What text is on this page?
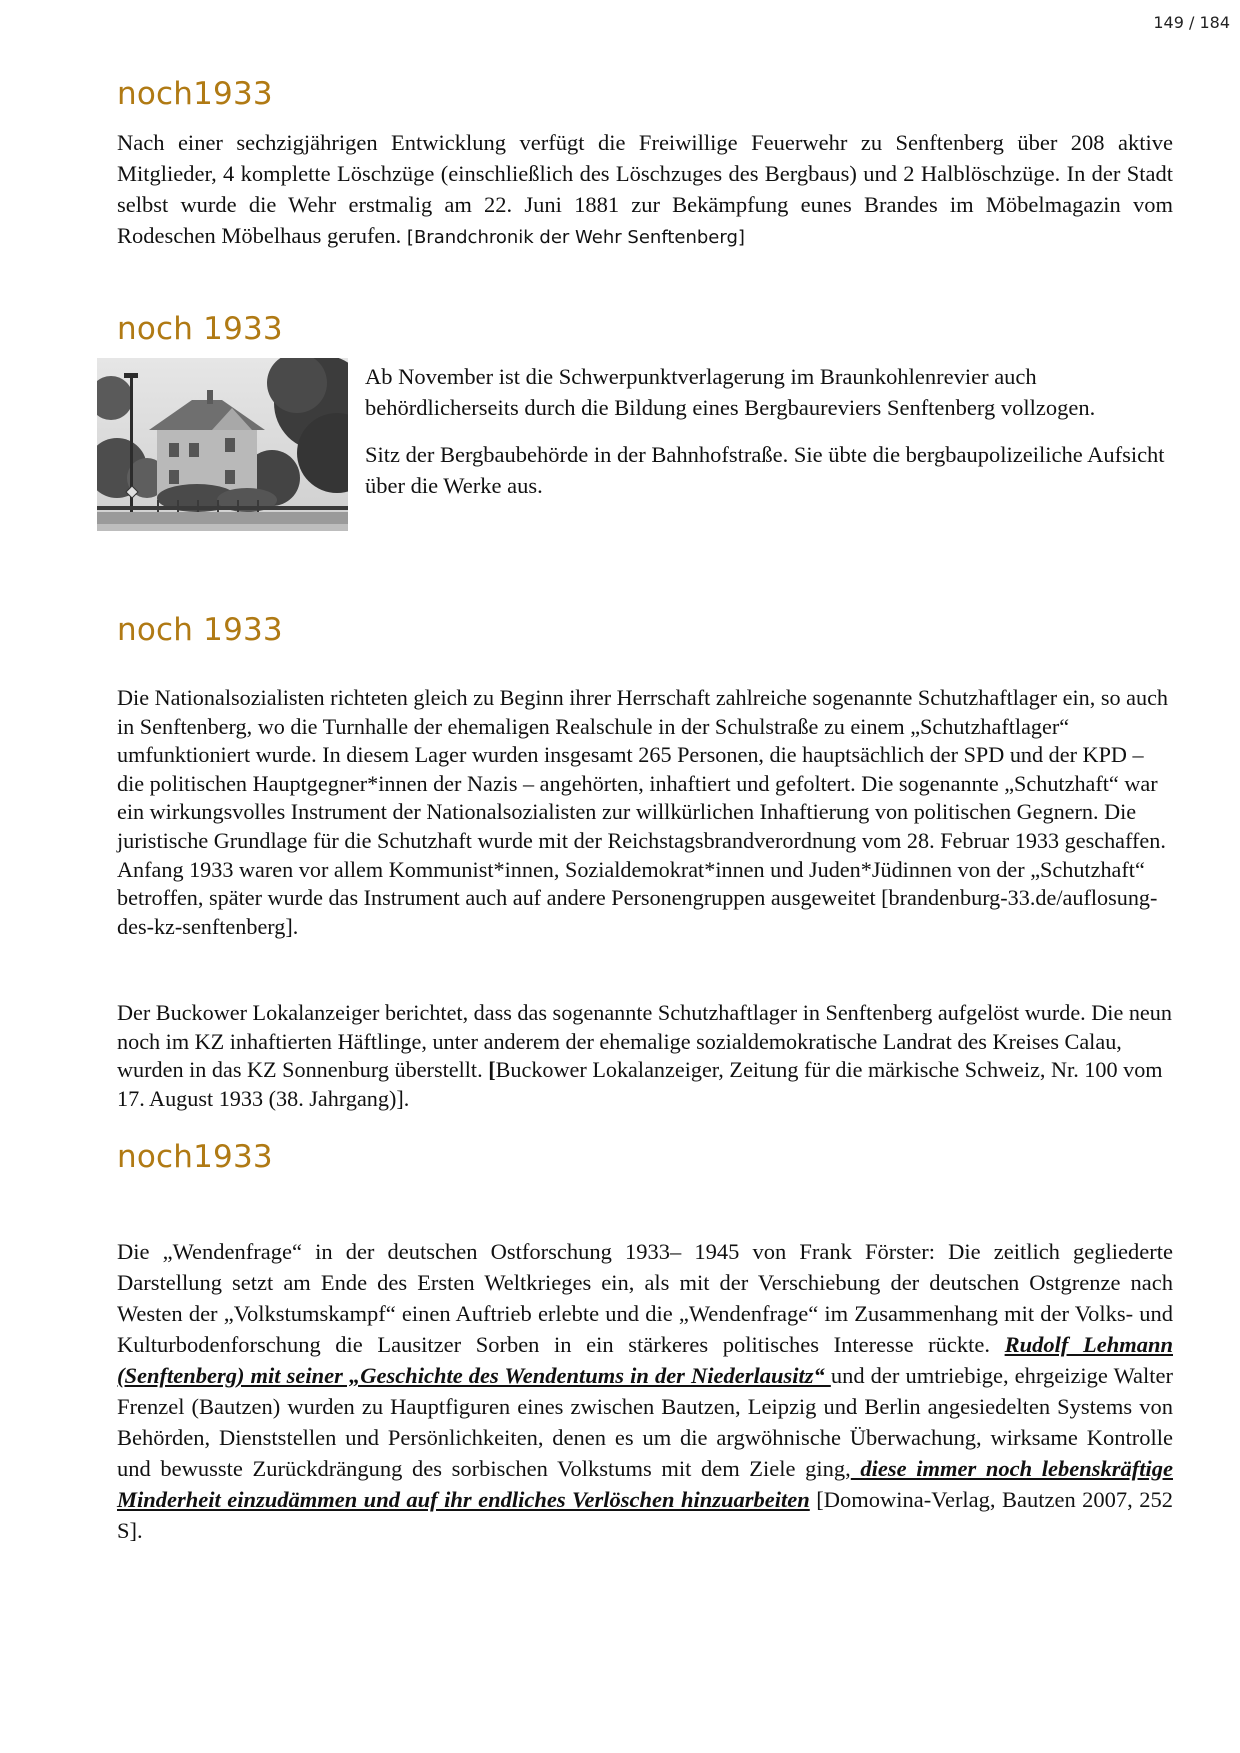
149 / 184
noch1933

Nach einer sechzigjährigen Entwicklung verfügt die Freiwillige Feuerwehr zu Senftenberg über 208 aktive Mitglieder, 4 komplette Löschzüge (einschließlich des Löschzuges des Bergbaus) und 2 Halblöschzüge. In der Stadt selbst wurde die Wehr erstmalig am 22. Juni 1881 zur Bekämpfung eunes Brandes im Möbelmagazin vom Rodeschen Möbelhaus gerufen. [Brandchronik der Wehr Senftenberg]

noch 1933

Ab November ist die Schwerpunktverlagerung im Braunkohlenrevier auch behördlicherseits durch die Bildung eines Bergbaureviers Senftenberg vollzogen.

Sitz der Bergbaubehörde in der Bahnhofstraße. Sie übte die bergbaupolizeiliche Aufsicht über die Werke aus.

noch 1933

Die Nationalsozialisten richteten gleich zu Beginn ihrer Herrschaft zahlreiche sogenannte Schutzhaftlager ein, so auch in Senftenberg, wo die Turnhalle der ehemaligen Realschule in der Schulstraße zu einem „Schutzhaftlager“ umfunktioniert wurde. In diesem Lager wurden insgesamt 265 Personen, die hauptsächlich der SPD und der KPD – die politischen Hauptgegner*innen der Nazis – angehörten, inhaftiert und gefoltert. Die sogenannte „Schutzhaft“ war ein wirkungsvolles Instrument der Nationalsozialisten zur willkürlichen Inhaftierung von politischen Gegnern. Die juristische Grundlage für die Schutzhaft wurde mit der Reichstagsbrandverordnung vom 28. Februar 1933 geschaffen. Anfang 1933 waren vor allem Kommunist*innen, Sozialdemokrat*innen und Juden*Jüdinnen von der „Schutzhaft“ betroffen, später wurde das Instrument auch auf andere Personengruppen ausgeweitet [brandenburg-33.de/auflosung-des-kz-senftenberg].

Der Buckower Lokalanzeiger berichtet, dass das sogenannte Schutzhaftlager in Senftenberg aufgelöst wurde. Die neun noch im KZ inhaftierten Häftlinge, unter anderem der ehemalige sozialdemokratische Landrat des Kreises Calau, wurden in das KZ Sonnenburg überstellt. [Buckower Lokalanzeiger, Zeitung für die märkische Schweiz, Nr. 100 vom 17. August 1933 (38. Jahrgang)].

noch1933

Die „Wendenfrage“ in der deutschen Ostforschung 1933– 1945 von Frank Förster: Die zeitlich gegliederte Darstellung setzt am Ende des Ersten Weltkrieges ein, als mit der Verschiebung der deutschen Ostgrenze nach Westen der „Volkstumskampf“ einen Auftrieb erlebte und die „Wendenfrage“ im Zusammenhang mit der Volks- und Kulturbodenforschung die Lausitzer Sorben in ein stärkeres politisches Interesse rückte. Rudolf Lehmann (Senftenberg) mit seiner „Geschichte des Wendentums in der Niederlausitz“ und der umtriebige, ehrgeizige Walter Frenzel (Bautzen) wurden zu Hauptfiguren eines zwischen Bautzen, Leipzig und Berlin angesiedelten Systems von Behörden, Dienststellen und Persönlichkeiten, denen es um die argwöhnische Überwachung, wirksame Kontrolle und bewusste Zurückdrängung des sorbischen Volkstums mit dem Ziele ging, diese immer noch lebenskräftige Minderheit einzudämmen und auf ihr endliches Verlöschen hinzuarbeiten [Domowina-Verlag, Bautzen 2007, 252 S].
